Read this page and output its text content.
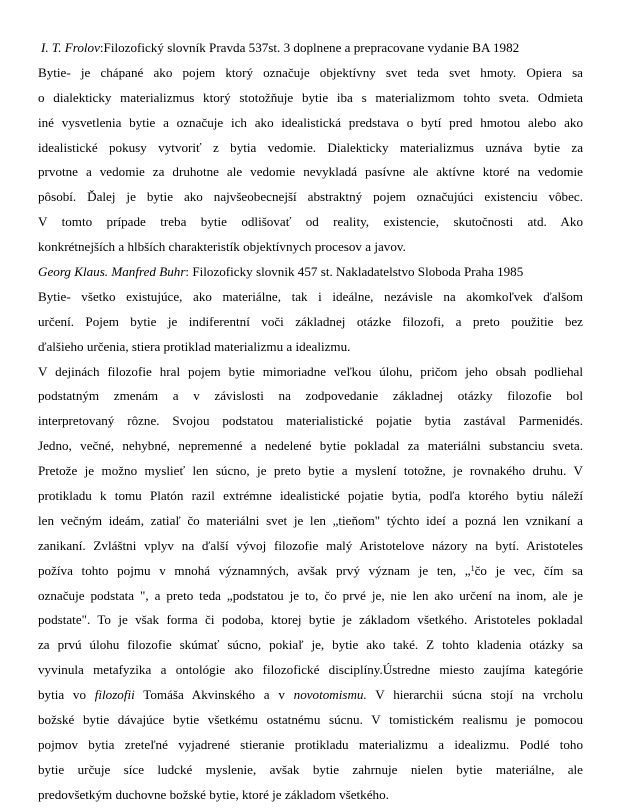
I. T. Frolov:Filozofický slovník Pravda 537st. 3 doplnene a prepracovane vydanie BA 1982
Bytie- je chápané ako pojem ktorý označuje objektívny svet teda svet hmoty. Opiera sa
o dialekticky materializmus ktorý stotožňuje bytie iba s materializmom tohto sveta. Odmieta
iné vysvetlenia bytie a označuje ich ako idealistická predstava o bytí pred hmotou alebo ako
idealistické pokusy vytvoriť z bytia vedomie. Dialekticky materializmus uznáva bytie za
prvotne a vedomie za druhotne ale vedomie nevykladá pasívne ale aktívne ktoré na vedomie
pôsobí. Ďalej je bytie ako najvšeobecnejší abstraktný pojem označujúci existenciu vôbec.
V tomto prípade treba bytie odlišovať od reality, existencie, skutočnosti atd. Ako
konkrétnejších a hlbších charakteristík objektívnych procesov a javov.
Georg Klaus. Manfred Buhr: Filozoficky slovnik 457 st. Nakladatelstvo Sloboda Praha 1985
Bytie- všetko existujúce, ako materiálne, tak i ideálne, nezávisle na akomkoľvek ďalšom
určení. Pojem bytie je indiferentní voči základnej otázke filozofi, a preto použitie bez
ďalšieho určenia, stiera protiklad materializmu a idealizmu.
V dejinách filozofie hral pojem bytie mimoriadne veľkou úlohu, pričom jeho obsah podliehal
podstatným zmenám a v závislosti na zodpovedanie základnej otázky filozofie bol
interpretovaný rôzne. Svojou podstatou materialistické pojatie bytia zastával Parmenidés.
Jedno, večné, nehybné, nepremenné a nedelené bytie pokladal za materiálni substanciu sveta.
Pretože je možno myslieť len súcno, je preto bytie a myslení totožne, je rovnakého druhu. V
protikladu k tomu Platón razil extrémne idealistické pojatie bytia, podľa ktorého bytiu náleží
len večným ideám, zatiaľ čo materiálni svet je len „tieňom" týchto ideí a pozná len vznikaní a
zanikaní. Zvláštni vplyv na ďalší vývoj filozofie malý Aristotelove názory na bytí. Aristoteles
požíva tohto pojmu v mnohá významných, avšak prvý význam je ten, „$^1$čo je vec, čím sa
označuje podstata ", a preto teda „podstatou je to, čo prvé je, nie len ako určení na inom, ale je
podstate". To je však forma či podoba, ktorej bytie je základom všetkého. Aristoteles pokladal
za prvú úlohu filozofie skúmať súcno, pokiaľ je, bytie ako také. Z tohto kladenia otázky sa
vyvinula metafyzika a ontológie ako filozofické disciplíny.Ústredne miesto zaujíma kategórie
bytia vo filozofii Tomáša Akvinského a v novotomismu. V hierarchii súcna stojí na vrcholu
božské bytie dávajúce bytie všetkému ostatnému súcnu. V tomistickém realismu je pomocou
pojmov bytia zreteľné vyjadrené stieranie protikladu materializmu a idealizmu. Podlé toho
bytie určuje síce ludcké myslenie, avšak bytie zahrnuje nielen bytie materiálne, ale
predovšetkým duchovne božské bytie, ktoré je základom všetkého.
